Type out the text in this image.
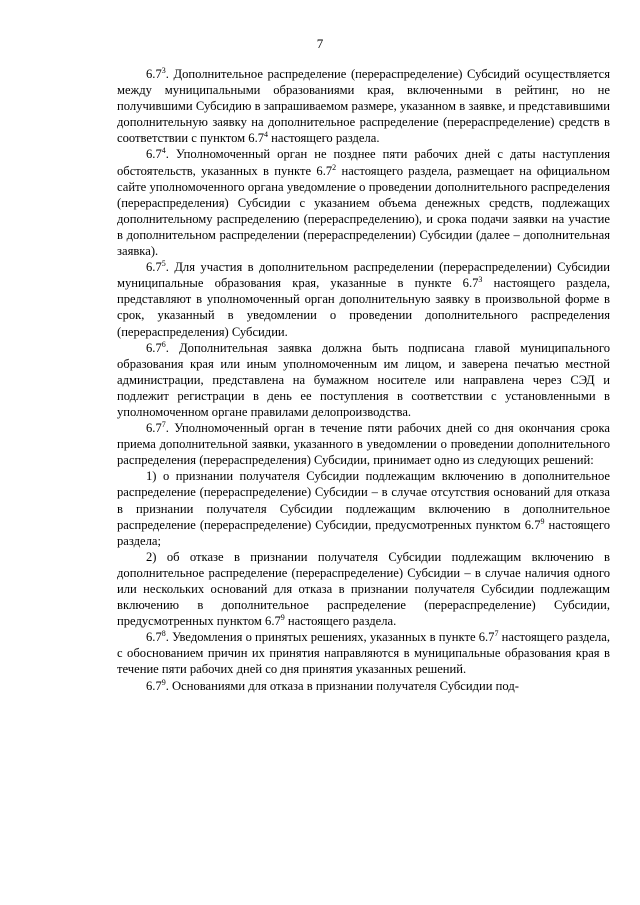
7

$6.7^3$. Дополнительное распределение (перераспределение) Субсидий осуществляется между муниципальными образованиями края, включенными в рейтинг, но не получившими Субсидию в запрашиваемом размере, указанном в заявке, и представившими дополнительную заявку на дополнительное распределение (перераспределение) средств в соответствии с пунктом $6.7^4$ настоящего раздела.

$6.7^4$. Уполномоченный орган не позднее пяти рабочих дней с даты наступления обстоятельств, указанных в пункте $6.7^2$ настоящего раздела, размещает на официальном сайте уполномоченного органа уведомление о проведении дополнительного распределения (перераспределения) Субсидии с указанием объема денежных средств, подлежащих дополнительному распределению (перераспределению), и срока подачи заявки на участие в дополнительном распределении (перераспределении) Субсидии (далее – дополнительная заявка).

$6.7^5$. Для участия в дополнительном распределении (перераспределении) Субсидии муниципальные образования края, указанные в пункте $6.7^3$ настоящего раздела, представляют в уполномоченный орган дополнительную заявку в произвольной форме в срок, указанный в уведомлении о проведении дополнительного распределения (перераспределения) Субсидии.

$6.7^6$. Дополнительная заявка должна быть подписана главой муниципального образования края или иным уполномоченным им лицом, и заверена печатью местной администрации, представлена на бумажном носителе или направлена через СЭД и подлежит регистрации в день ее поступления в соответствии с установленными в уполномоченном органе правилами делопроизводства.

$6.7^7$. Уполномоченный орган в течение пяти рабочих дней со дня окончания срока приема дополнительной заявки, указанного в уведомлении о проведении дополнительного распределения (перераспределения) Субсидии, принимает одно из следующих решений:

1) о признании получателя Субсидии подлежащим включению в дополнительное распределение (перераспределение) Субсидии – в случае отсутствия оснований для отказа в признании получателя Субсидии подлежащим включению в дополнительное распределение (перераспределение) Субсидии, предусмотренных пунктом $6.7^9$ настоящего раздела;

2) об отказе в признании получателя Субсидии подлежащим включению в дополнительное распределение (перераспределение) Субсидии – в случае наличия одного или нескольких оснований для отказа в признании получателя Субсидии подлежащим включению в дополнительное распределение (перераспределение) Субсидии, предусмотренных пунктом $6.7^9$ настоящего раздела.

$6.7^8$. Уведомления о принятых решениях, указанных в пункте $6.7^7$ настоящего раздела, с обоснованием причин их принятия направляются в муниципальные образования края в течение пяти рабочих дней со дня принятия указанных решений.

$6.7^9$. Основаниями для отказа в признании получателя Субсидии под-
